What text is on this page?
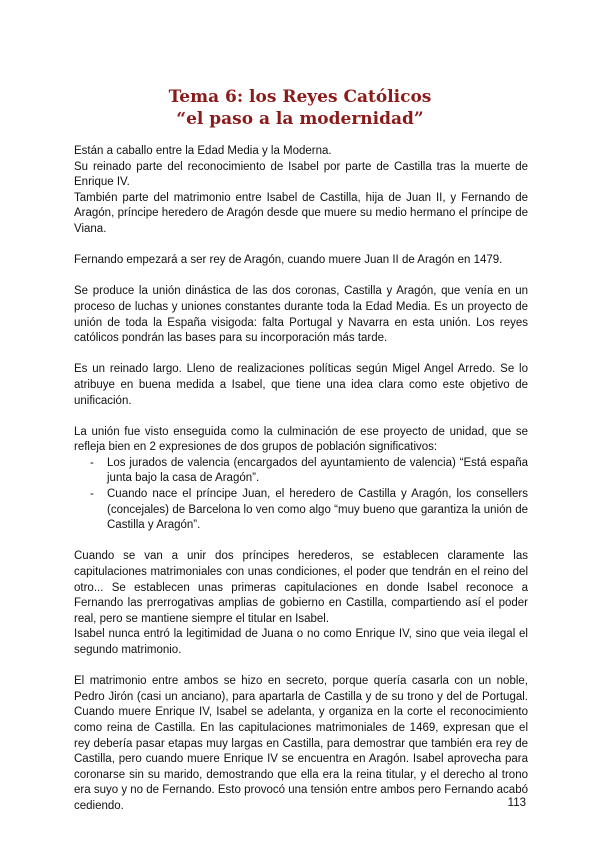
Tema 6: los Reyes Católicos
“el paso a la modernidad”

Están a caballo entre la Edad Media y la Moderna.

Su reinado parte del reconocimiento de Isabel por parte de Castilla tras la muerte de Enrique IV.

También parte del matrimonio entre Isabel de Castilla, hija de Juan II, y Fernando de Aragón, príncipe heredero de Aragón desde que muere su medio hermano el príncipe de Viana.

Fernando empezará a ser rey de Aragón, cuando muere Juan II de Aragón en 1479.

Se produce la unión dinástica de las dos coronas, Castilla y Aragón, que venía en un proceso de luchas y uniones constantes durante toda la Edad Media. Es un proyecto de unión de toda la España visigoda: falta Portugal y Navarra en esta unión. Los reyes católicos pondrán las bases para su incorporación más tarde.

Es un reinado largo. Lleno de realizaciones políticas según Migel Angel Arredo. Se lo atribuye en buena medida a Isabel, que tiene una idea clara como este objetivo de unificación.

La unión fue visto enseguida como la culminación de ese proyecto de unidad, que se refleja bien en 2 expresiones de dos grupos de población significativos:

- Los jurados de valencia (encargados del ayuntamiento de valencia) “Está españa junta bajo la casa de Aragón”.
- Cuando nace el príncipe Juan, el heredero de Castilla y Aragón, los consellers (concejales) de Barcelona lo ven como algo “muy bueno que garantiza la unión de Castilla y Aragón”.

Cuando se van a unir dos príncipes herederos, se establecen claramente las capitulaciones matrimoniales con unas condiciones, el poder que tendrán en el reino del otro... Se establecen unas primeras capitulaciones en donde Isabel reconoce a Fernando las prerrogativas amplias de gobierno en Castilla, compartiendo así el poder real, pero se mantiene siempre el titular en Isabel.

Isabel nunca entró la legitimidad de Juana o no como Enrique IV, sino que veia ilegal el segundo matrimonio.

El matrimonio entre ambos se hizo en secreto, porque quería casarla con un noble, Pedro Jirón (casi un anciano), para apartarla de Castilla y de su trono y del de Portugal. Cuando muere Enrique IV, Isabel se adelanta, y organiza en la corte el reconocimiento como reina de Castilla. En las capitulaciones matrimoniales de 1469, expresan que el rey debería pasar etapas muy largas en Castilla, para demostrar que también era rey de Castilla, pero cuando muere Enrique IV se encuentra en Aragón. Isabel aprovecha para coronarse sin su marido, demostrando que ella era la reina titular, y el derecho al trono era suyo y no de Fernando. Esto provocó una tensión entre ambos pero Fernando acabó cediendo.	113
